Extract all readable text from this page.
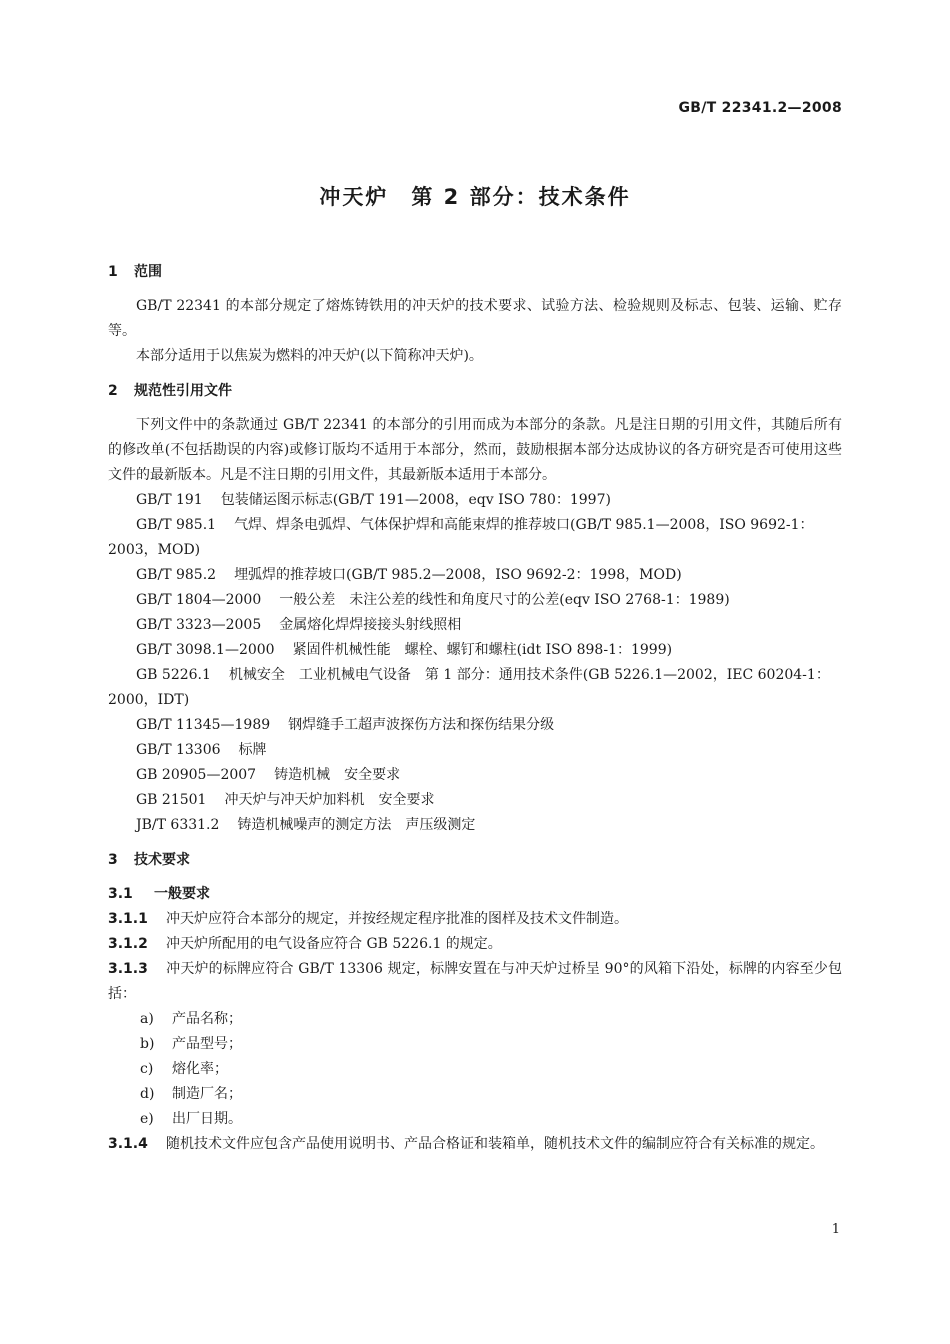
GB/T 22341.2—2008
冲天炉　第 2 部分：技术条件
1 范围
GB/T 22341 的本部分规定了熔炼铸铁用的冲天炉的技术要求、试验方法、检验规则及标志、包装、运输、贮存等。
本部分适用于以焦炭为燃料的冲天炉(以下简称冲天炉)。
2 规范性引用文件
下列文件中的条款通过 GB/T 22341 的本部分的引用而成为本部分的条款。凡是注日期的引用文件，其随后所有的修改单(不包括勘误的内容)或修订版均不适用于本部分，然而，鼓励根据本部分达成协议的各方研究是否可使用这些文件的最新版本。凡是不注日期的引用文件，其最新版本适用于本部分。
GB/T 191 包装储运图示标志(GB/T 191—2008，eqv ISO 780：1997)
GB/T 985.1 气焊、焊条电弧焊、气体保护焊和高能束焊的推荐坡口(GB/T 985.1—2008，ISO 9692-1：2003，MOD)
GB/T 985.2 埋弧焊的推荐坡口(GB/T 985.2—2008，ISO 9692-2：1998，MOD)
GB/T 1804—2000 一般公差　未注公差的线性和角度尺寸的公差(eqv ISO 2768-1：1989)
GB/T 3323—2005 金属熔化焊焊接接头射线照相
GB/T 3098.1—2000 紧固件机械性能　螺栓、螺钉和螺柱(idt ISO 898-1：1999)
GB 5226.1 机械安全　工业机械电气设备　第 1 部分：通用技术条件(GB 5226.1—2002，IEC 60204-1：2000，IDT)
GB/T 11345—1989 钢焊缝手工超声波探伤方法和探伤结果分级
GB/T 13306 标牌
GB 20905—2007 铸造机械　安全要求
GB 21501 冲天炉与冲天炉加料机　安全要求
JB/T 6331.2 铸造机械噪声的测定方法　声压级测定
3 技术要求
3.1 一般要求
3.1.1 冲天炉应符合本部分的规定，并按经规定程序批准的图样及技术文件制造。
3.1.2 冲天炉所配用的电气设备应符合 GB 5226.1 的规定。
3.1.3 冲天炉的标牌应符合 GB/T 13306 规定，标牌安置在与冲天炉过桥呈 90°的风箱下沿处，标牌的内容至少包括：
a) 产品名称；
b) 产品型号；
c) 熔化率；
d) 制造厂名；
e) 出厂日期。
3.1.4 随机技术文件应包含产品使用说明书、产品合格证和装箱单，随机技术文件的编制应符合有关标准的规定。
1
